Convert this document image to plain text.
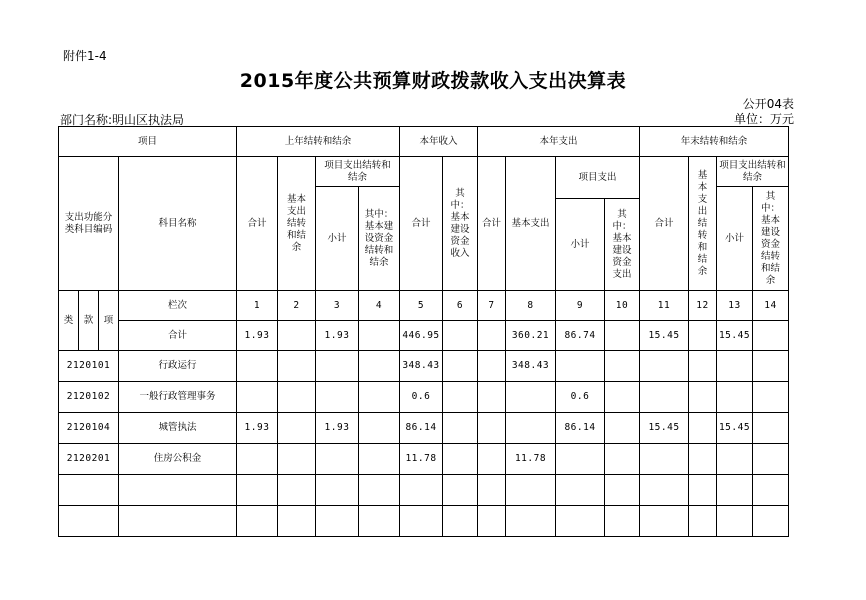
附件1-4
2015年度公共预算财政拨款收入支出决算表
公开04表
部门名称:明山区执法局	单位：万元
项目				上年结转和结余				本年收入		本年支出				年末结转和结余			
支出功能分类科目编码			科目名称	合计	基本支出结转和结余	项目支出结转和结余		合计	其中：基本建设资金收入	合计	基本支出	项目支出		合计	基本支出结转和结余	项目支出结转和结余	
						小计	其中：基本建设资金结转和结余									小计	其中：基本建设资金结转和结余
												小计	其中：基本建设资金支出				
类	款	项	栏次	1	2	3	4	5	6	7	8	9	10	11	12	13	14
			合计	1.93		1.93		446.95			360.21	86.74		15.45		15.45	
2120101			行政运行					348.43			348.43						
2120102			一般行政管理事务					0.6				0.6					
2120104			城管执法	1.93		1.93		86.14				86.14		15.45		15.45	
2120201			住房公积金					11.78			11.78						
